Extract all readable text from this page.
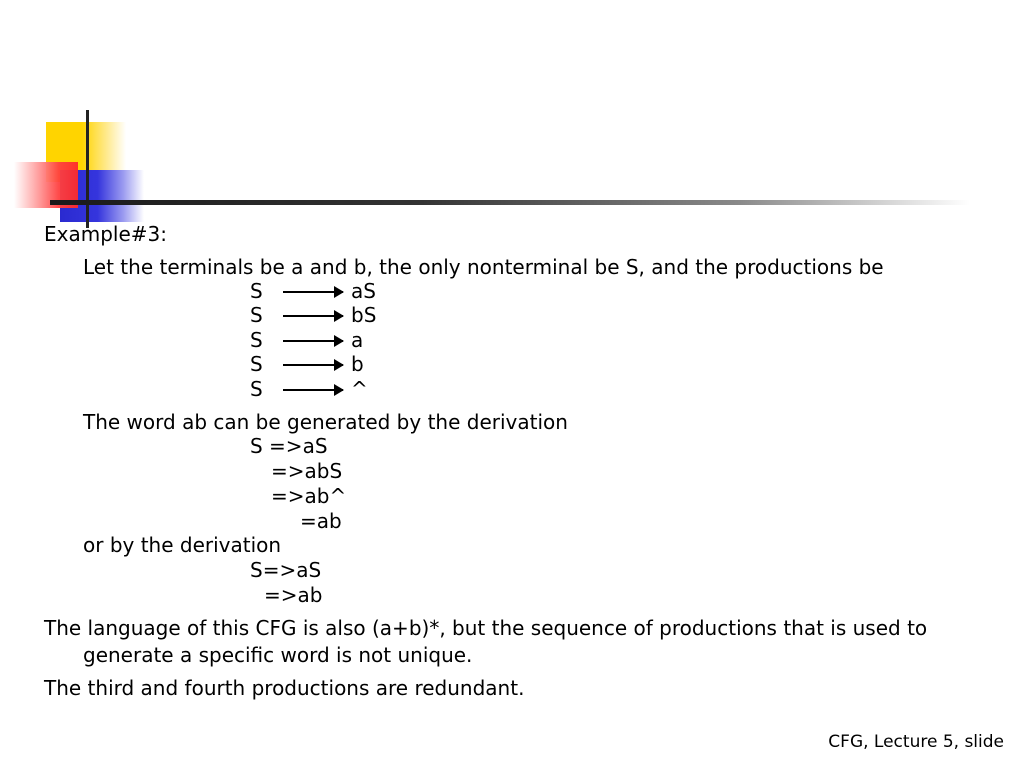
Example#3:
Let the terminals be a and b, the only nonterminal be S, and the productions be
S	aS
S	bS
S	a
S	b
S	^
The word ab can be generated by the derivation
S =>aS
=>abS
=>ab^
=ab
or by the derivation
S=>aS
=>ab
The language of this CFG is also (a+b)*, but the sequence of productions that is used to
generate a specific word is not unique.
The third and fourth productions are redundant.
CFG, Lecture 5, slide
